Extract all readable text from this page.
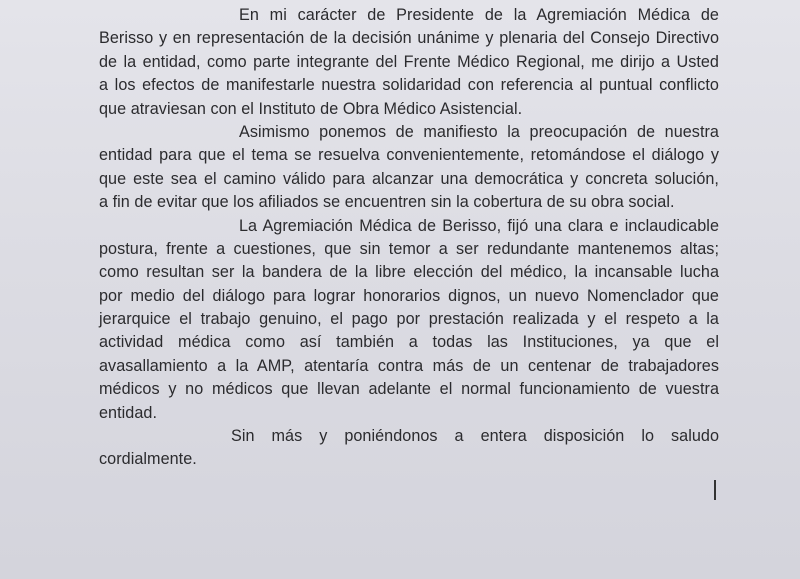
En mi carácter de Presidente de la Agremiación Médica de
Berisso y en representación de la decisión unánime y plenaria del Consejo Directivo
de la entidad, como parte integrante del Frente Médico Regional, me dirijo a Usted
a los efectos de manifestarle nuestra solidaridad con referencia al puntual conflicto
que atraviesan con el Instituto de Obra Médico Asistencial.
Asimismo ponemos de manifiesto la preocupación de nuestra
entidad para que el tema se resuelva convenientemente, retomándose el diálogo y
que este sea el camino válido para alcanzar una democrática y concreta solución,
a fin de evitar que los afiliados se encuentren sin la cobertura de su obra social.
La Agremiación Médica de Berisso, fijó una clara e inclaudicable
postura, frente a cuestiones, que sin temor a ser redundante mantenemos altas;
como resultan ser la bandera de la libre elección del médico, la incansable lucha
por medio del diálogo para lograr honorarios dignos, un nuevo Nomenclador que
jerarquice el trabajo genuino, el pago por prestación realizada y el respeto a la
actividad médica como así también a todas las Instituciones, ya que el
avasallamiento a la AMP, atentaría contra más de un centenar de trabajadores
médicos y no médicos que llevan adelante el normal funcionamiento de vuestra
entidad.
Sin más y poniéndonos a entera disposición lo saludo
cordialmente.
